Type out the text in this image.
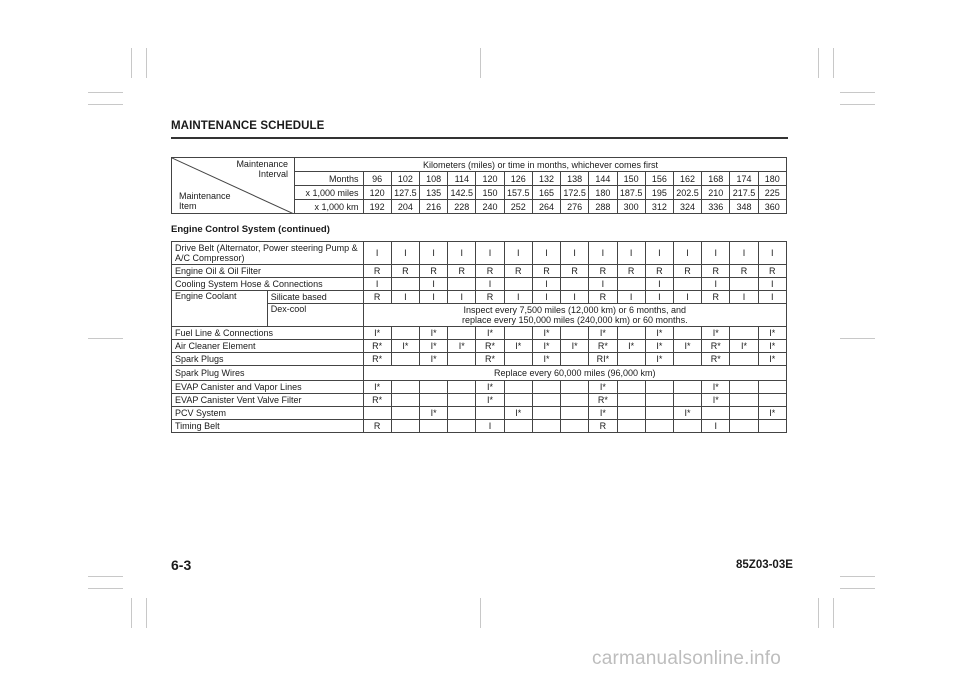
MAINTENANCE SCHEDULE
Maintenance
Interval
Maintenance
Item	Kilometers (miles) or time in months, whichever comes first															
	Months	96	102	108	114	120	126	132	138	144	150	156	162	168	174	180
	x 1,000 miles	120	127.5	135	142.5	150	157.5	165	172.5	180	187.5	195	202.5	210	217.5	225
	x 1,000 km	192	204	216	228	240	252	264	276	288	300	312	324	336	348	360
Engine Control System (continued)
Drive Belt (Alternator, Power steering Pump & A/C Compressor)		I	I	I	I	I	I	I	I	I	I	I	I	I	I	I
Engine Oil & Oil Filter		R	R	R	R	R	R	R	R	R	R	R	R	R	R	R
Cooling System Hose & Connections		I		I		I		I		I		I		I		I
Engine Coolant	Silicate based	R	I	I	I	R	I	I	I	R	I	I	I	R	I	I
	Dex-cool	Inspect every 7,500 miles (12,000 km) or 6 months, and
replace every 150,000 miles (240,000 km) or 60 months.														

Fuel Line & Connections		I*		I*		I*		I*		I*		I*		I*		I*
Air Cleaner Element		R*	I*	I*	I*	R*	I*	I*	I*	R*	I*	I*	I*	R*	I*	I*
Spark Plugs		R*		I*		R*		I*		RI*		I*		R*		I*
Spark Plug Wires		Replace every 60,000 miles (96,000 km)														
EVAP Canister and Vapor Lines		I*				I*				I*				I*		
EVAP Canister Vent Valve Filter		R*				I*				R*				I*		
PCV System				I*			I*			I*			I*			I*
Timing Belt		R				I				R				I		
6-3	85Z03-03E
carmanualsonline.info
